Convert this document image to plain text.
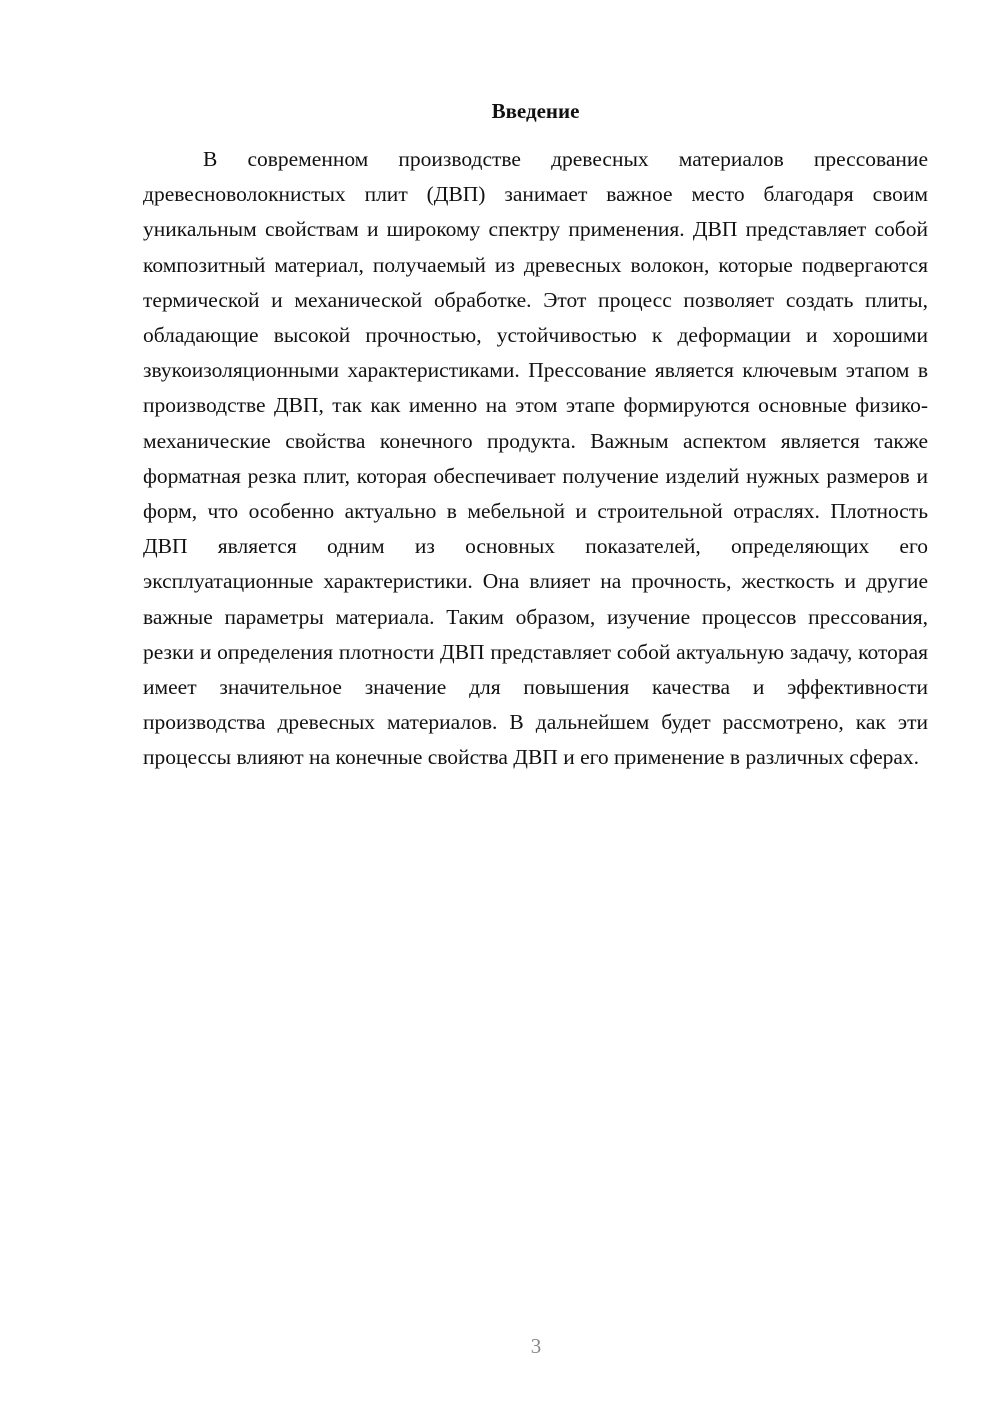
Введение

В современном производстве древесных материалов прессование древесноволокнистых плит (ДВП) занимает важное место благодаря своим уникальным свойствам и широкому спектру применения. ДВП представляет собой композитный материал, получаемый из древесных волокон, которые подвергаются термической и механической обработке. Этот процесс позволяет создать плиты, обладающие высокой прочностью, устойчивостью к деформации и хорошими звукоизоляционными характеристиками. Прессование является ключевым этапом в производстве ДВП, так как именно на этом этапе формируются основные физико-механические свойства конечного продукта. Важным аспектом является также форматная резка плит, которая обеспечивает получение изделий нужных размеров и форм, что особенно актуально в мебельной и строительной отраслях. Плотность ДВП является одним из основных показателей, определяющих его эксплуатационные характеристики. Она влияет на прочность, жесткость и другие важные параметры материала. Таким образом, изучение процессов прессования, резки и определения плотности ДВП представляет собой актуальную задачу, которая имеет значительное значение для повышения качества и эффективности производства древесных материалов. В дальнейшем будет рассмотрено, как эти процессы влияют на конечные свойства ДВП и его применение в различных сферах.

3
